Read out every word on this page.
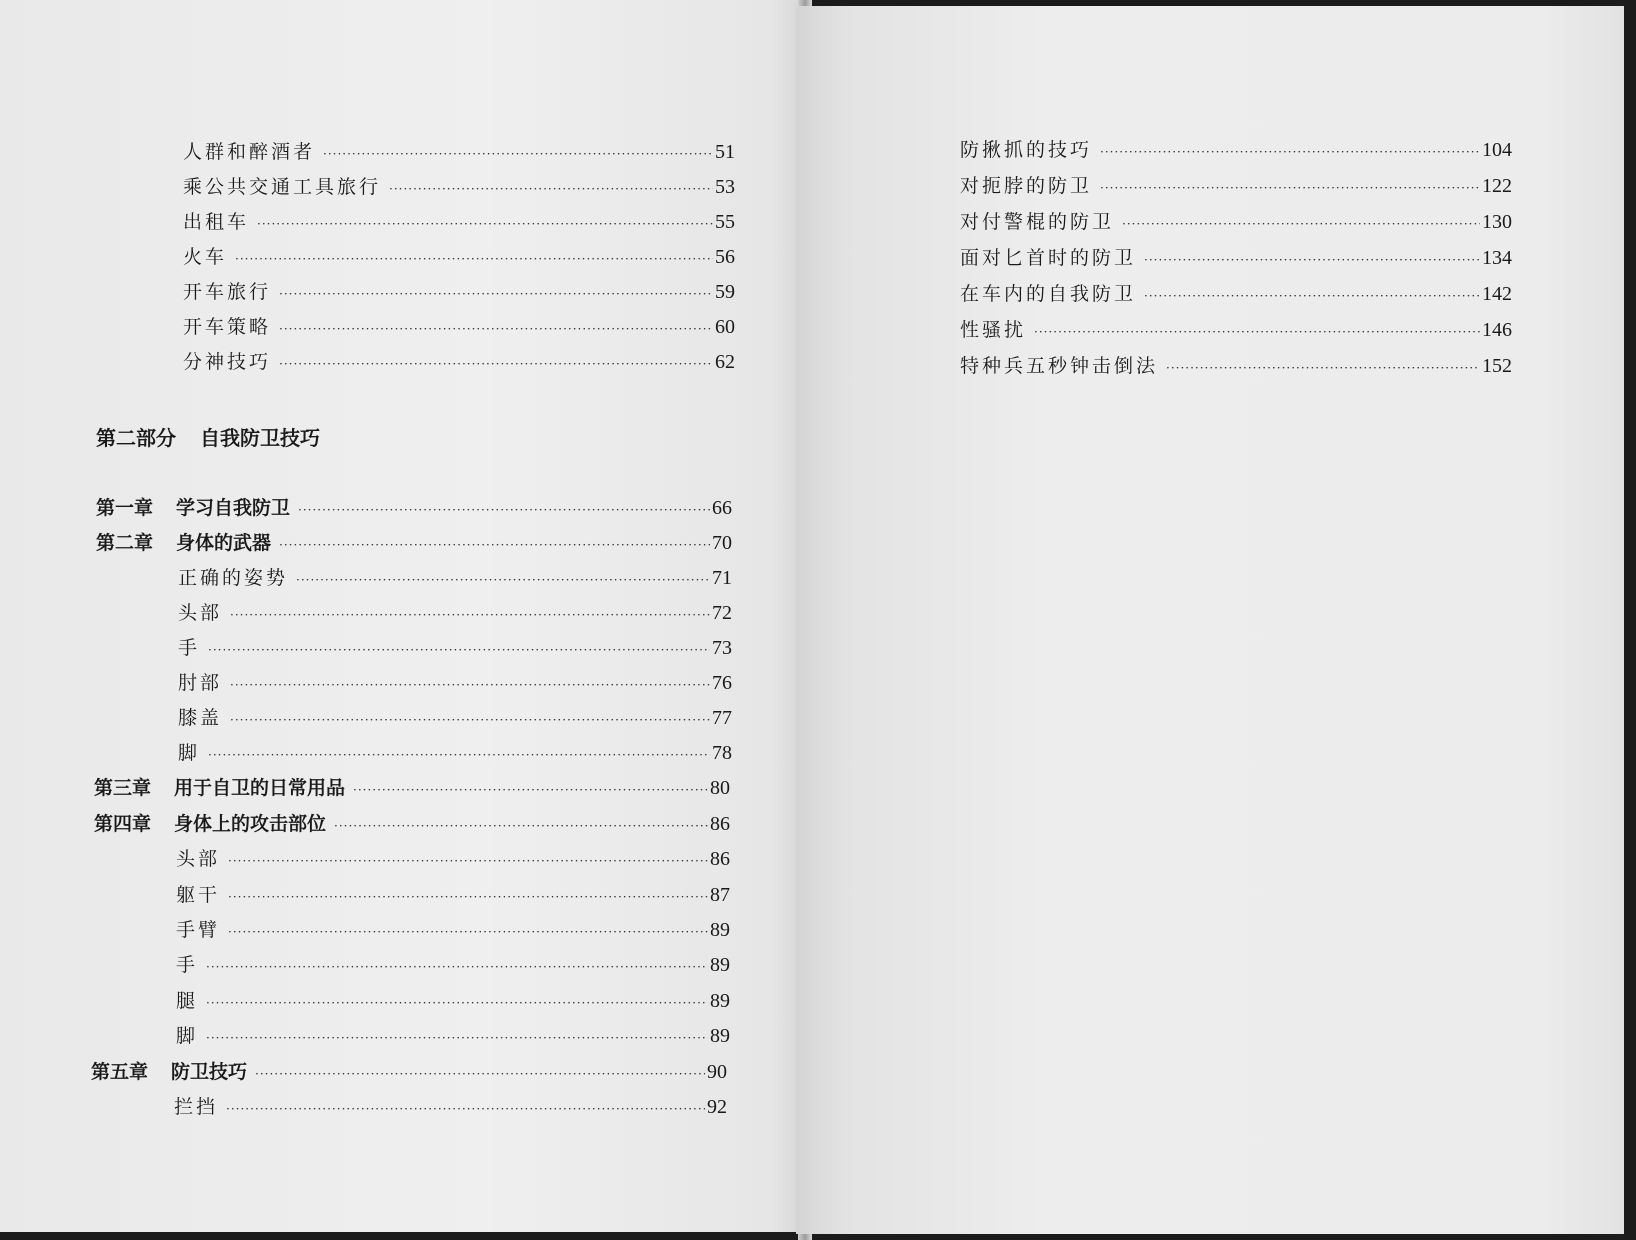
人群和醉酒者 ·····	51
乘公共交通工具旅行 ·····	53
出租车 ·····	55
火车 ·····	56
开车旅行 ·····	59
开车策略 ·····	60
分神技巧 ·····	62
第二部分 自我防卫技巧
第一章	学习自我防卫 ·····	66
第二章	身体的武器 ·····	70
正确的姿势 ·····	71
头部 ·····	72
手 ·····	73
肘部 ·····	76
膝盖 ·····	77
脚 ·····	78
第三章	用于自卫的日常用品 ·····	80
第四章	身体上的攻击部位 ·····	86
头部 ·····	86
躯干 ·····	87
手臂 ·····	89
手 ·····	89
腿 ·····	89
脚 ·····	89
第五章	防卫技巧 ·····	90
拦挡 ·····	92
防揪抓的技巧 ·····	104
对扼脖的防卫 ·····	122
对付警棍的防卫 ·····	130
面对匕首时的防卫 ·····	134
在车内的自我防卫 ·····	142
性骚扰 ·····	146
特种兵五秒钟击倒法 ·····	152
